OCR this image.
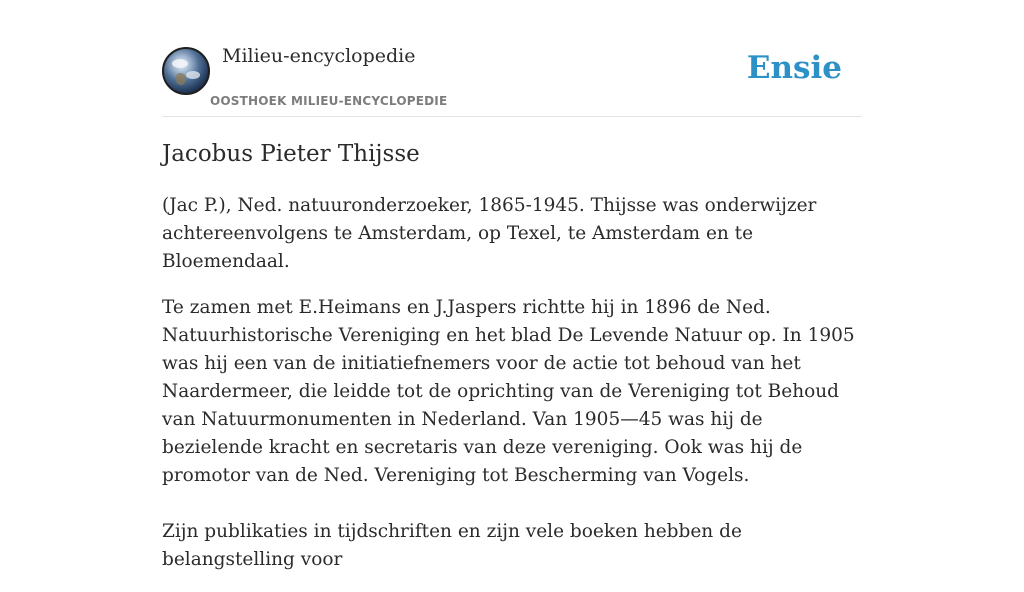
Milieu-encyclopedie
OOSTHOEK MILIEU-ENCYCLOPEDIE
Ensie
Jacobus Pieter Thijsse

(Jac P.), Ned. natuuronderzoeker, 1865-1945. Thijsse was onderwijzer achtereenvolgens te Amsterdam, op Texel, te Amsterdam en te Bloemendaal.

Te zamen met E.Heimans en J.Jaspers richtte hij in 1896 de Ned. Natuurhistorische Vereniging en het blad De Levende Natuur op. In 1905 was hij een van de initiatiefnemers voor de actie tot behoud van het Naardermeer, die leidde tot de oprichting van de Vereniging tot Behoud van Natuurmonumenten in Nederland. Van 1905—45 was hij de bezielende kracht en secretaris van deze vereniging. Ook was hij de promotor van de Ned. Vereniging tot Bescherming van Vogels.

Zijn publikaties in tijdschriften en zijn vele boeken hebben de belangstelling voor
